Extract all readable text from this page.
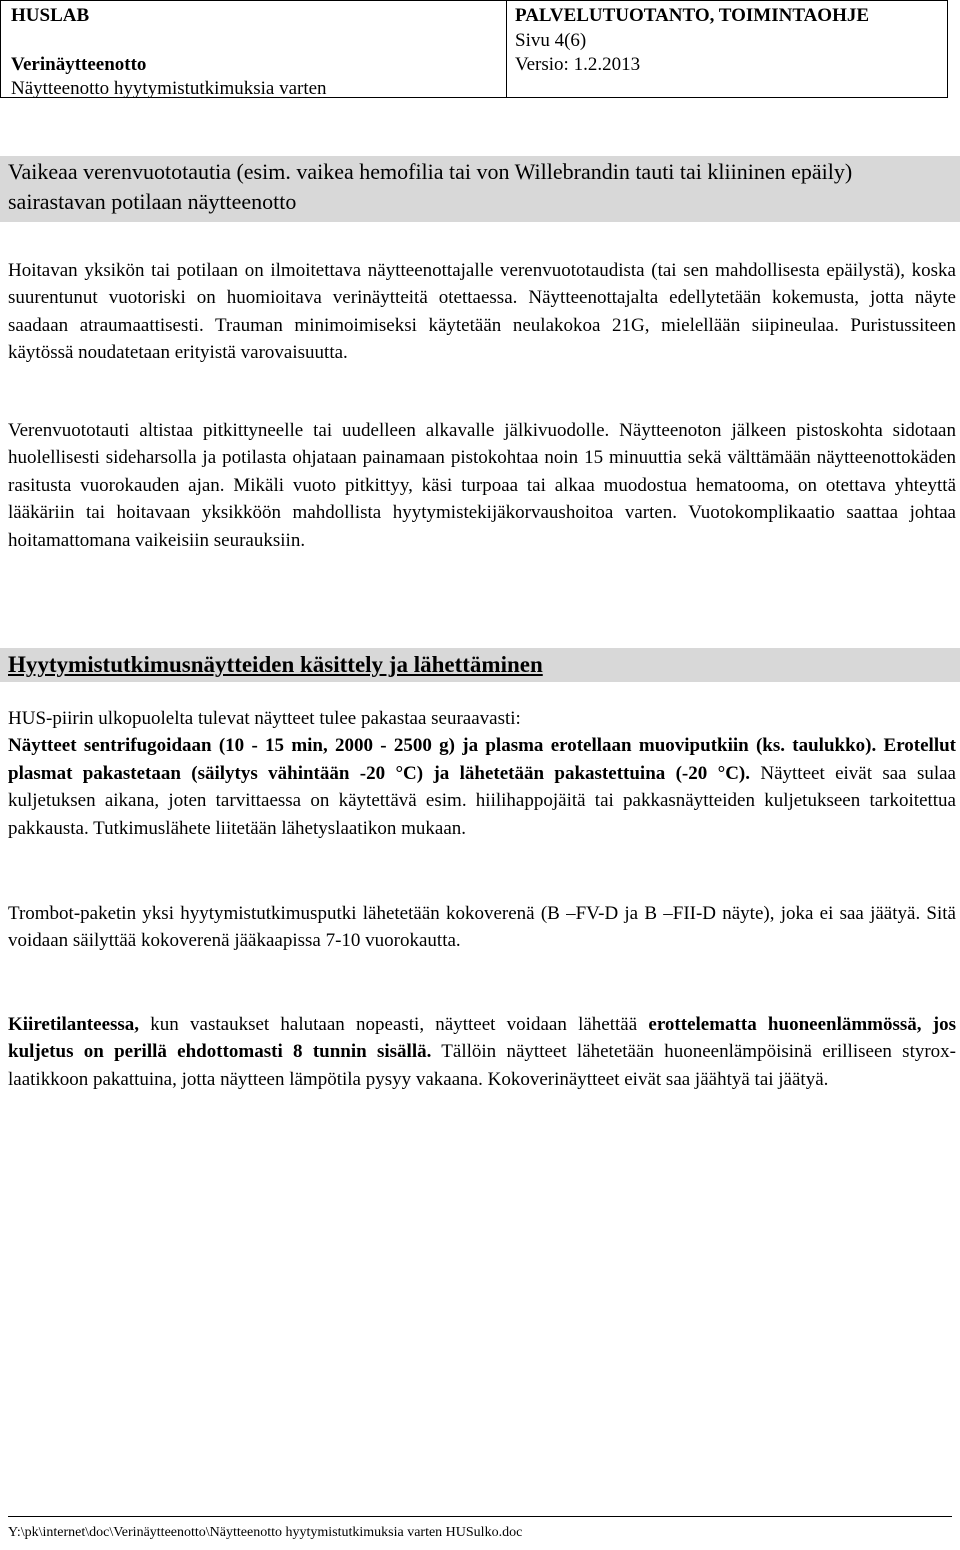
HUSLAB
Verinäytteenotto
Näytteenotto hyytymistutkimuksia varten
PALVELUTUOTANTO, TOIMINTAOHJE
Sivu 4(6)
Versio: 1.2.2013
Vaikeaa verenvuototautia (esim. vaikea hemofilia tai von Willebrandin tauti tai kliininen epäily) sairastavan potilaan näytteenotto

Hoitavan yksikön tai potilaan on ilmoitettava näytteenottajalle verenvuototaudista (tai sen mahdollisesta epäilystä), koska suurentunut vuotoriski on huomioitava verinäytteitä otettaessa. Näytteenottajalta edellytetään kokemusta, jotta näyte saadaan atraumaattisesti. Trauman minimoimiseksi käytetään neulakokoa 21G, mielellään siipineulaa. Puristussiteen käytössä noudatetaan erityistä varovaisuutta.

Verenvuototauti altistaa pitkittyneelle tai uudelleen alkavalle jälkivuodolle. Näytteenoton jälkeen pistoskohta sidotaan huolellisesti sideharsolla ja potilasta ohjataan painamaan pistokohtaa noin 15 minuuttia sekä välttämään näytteenottokäden rasitusta vuorokauden ajan. Mikäli vuoto pitkittyy, käsi turpoaa tai alkaa muodostua hematooma, on otettava yhteyttä lääkäriin tai hoitavaan yksikköön mahdollista hyytymistekijäkorvaushoitoa varten. Vuotokomplikaatio saattaa johtaa hoitamattomana vaikeisiin seurauksiin.

Hyytymistutkimusnäytteiden käsittely ja lähettäminen

HUS-piirin ulkopuolelta tulevat näytteet tulee pakastaa seuraavasti:
Näytteet sentrifugoidaan (10 - 15 min, 2000 - 2500 g) ja plasma erotellaan muoviputkiin (ks. taulukko). Erotellut plasmat pakastetaan (säilytys vähintään -20 °C) ja lähetetään pakastettuina (-20 °C). Näytteet eivät saa sulaa kuljetuksen aikana, joten tarvittaessa on käytettävä esim. hiilihappojäitä tai pakkasnäytteiden kuljetukseen tarkoitettua pakkausta. Tutkimuslähete liitetään lähetyslaatikon mukaan.

Trombot-paketin yksi hyytymistutkimusputki lähetetään kokoverenä (B –FV-D ja B –FII-D näyte), joka ei saa jäätyä. Sitä voidaan säilyttää kokoverenä jääkaapissa 7-10 vuorokautta.

Kiiretilanteessa, kun vastaukset halutaan nopeasti, näytteet voidaan lähettää erottelematta huoneenlämmössä, jos kuljetus on perillä ehdottomasti 8 tunnin sisällä. Tällöin näytteet lähetetään huoneenlämpöisinä erilliseen styrox-laatikkoon pakattuina, jotta näytteen lämpötila pysyy vakaana. Kokoverinäytteet eivät saa jäähtyä tai jäätyä.

Y:\pk\internet\doc\Verinäytteenotto\Näytteenotto hyytymistutkimuksia varten HUSulko.doc
